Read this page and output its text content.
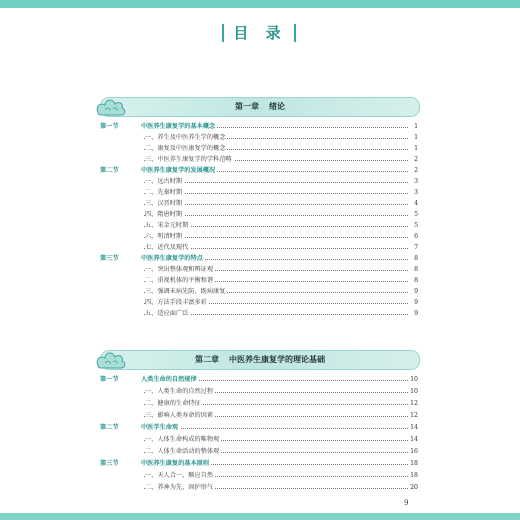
目 录
第一章 绪论
第一节	中医养生康复学的基本概念	1
一、养生及中医养生学的概念	1
二、康复及中医康复学的概念	1
三、中医养生康复学的学科范畴	2
第二节	中医养生康复学的发展概况	2
一、远古时期	3
二、先秦时期	3
三、汉晋时期	4
四、隋唐时期	5
五、宋金元时期	5
六、明清时期	6
七、近代及现代	7
第三节	中医养生康复学的特点	8
一、突出整体观和辨证观	8
二、重视机体的平衡和谐	8
三、强调未病先防、既病康复	9
四、方法手段丰富多彩	9
五、适应面广泛	9
第二章 中医养生康复学的理论基础
第一节	人类生命的自然规律	10
一、人类生命的自然过程	10
二、健康的生命特征	12
三、影响人类寿命的因素	12
第二节	中医学生命观	14
一、人体生命构成的唯物观	14
二、人体生命活动的整体观	16
第三节	中医养生康复的基本原则	18
一、天人合一，顺应自然	18
二、养神为先，固护形气	20
9
